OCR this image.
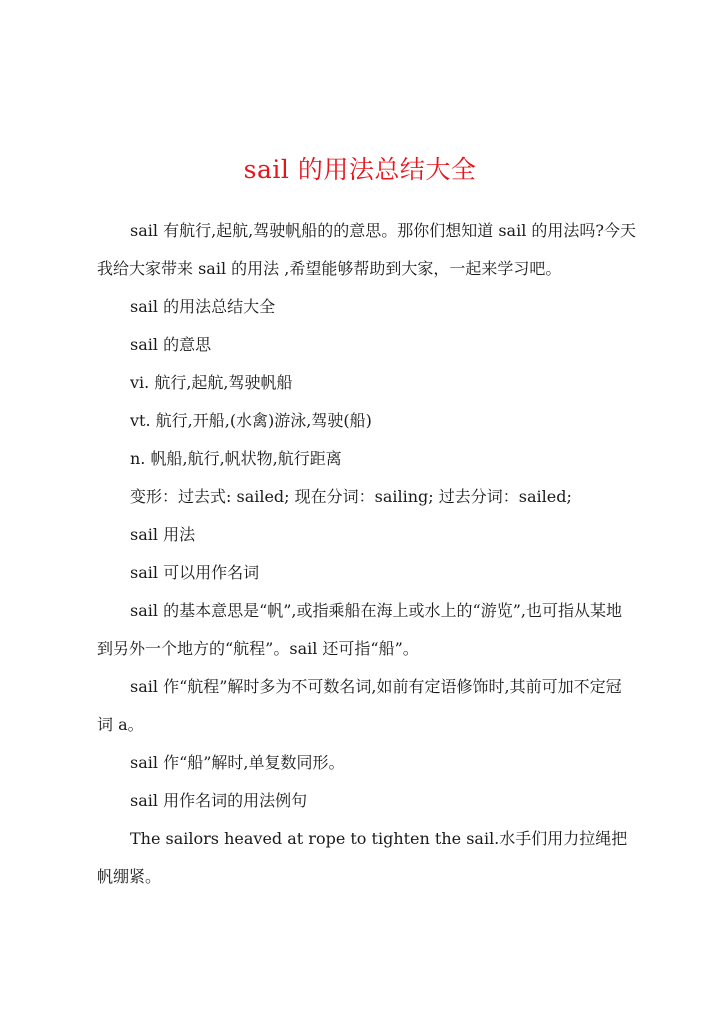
sail 的用法总结大全

sail 有航行,起航,驾驶帆船的的意思。那你们想知道 sail 的用法吗?今天我给大家带来 sail 的用法 ,希望能够帮助到大家，一起来学习吧。

sail 的用法总结大全

sail 的意思

vi. 航行,起航,驾驶帆船

vt. 航行,开船,(水禽)游泳,驾驶(船)

n. 帆船,航行,帆状物,航行距离

变形：过去式: sailed; 现在分词：sailing; 过去分词：sailed;

sail 用法

sail 可以用作名词

sail 的基本意思是“帆”,或指乘船在海上或水上的“游览”,也可指从某地到另外一个地方的“航程”。sail 还可指“船”。

sail 作“航程”解时多为不可数名词,如前有定语修饰时,其前可加不定冠词 a。

sail 作“船”解时,单复数同形。

sail 用作名词的用法例句

The sailors heaved at rope to tighten the sail.水手们用力拉绳把帆绷紧。
